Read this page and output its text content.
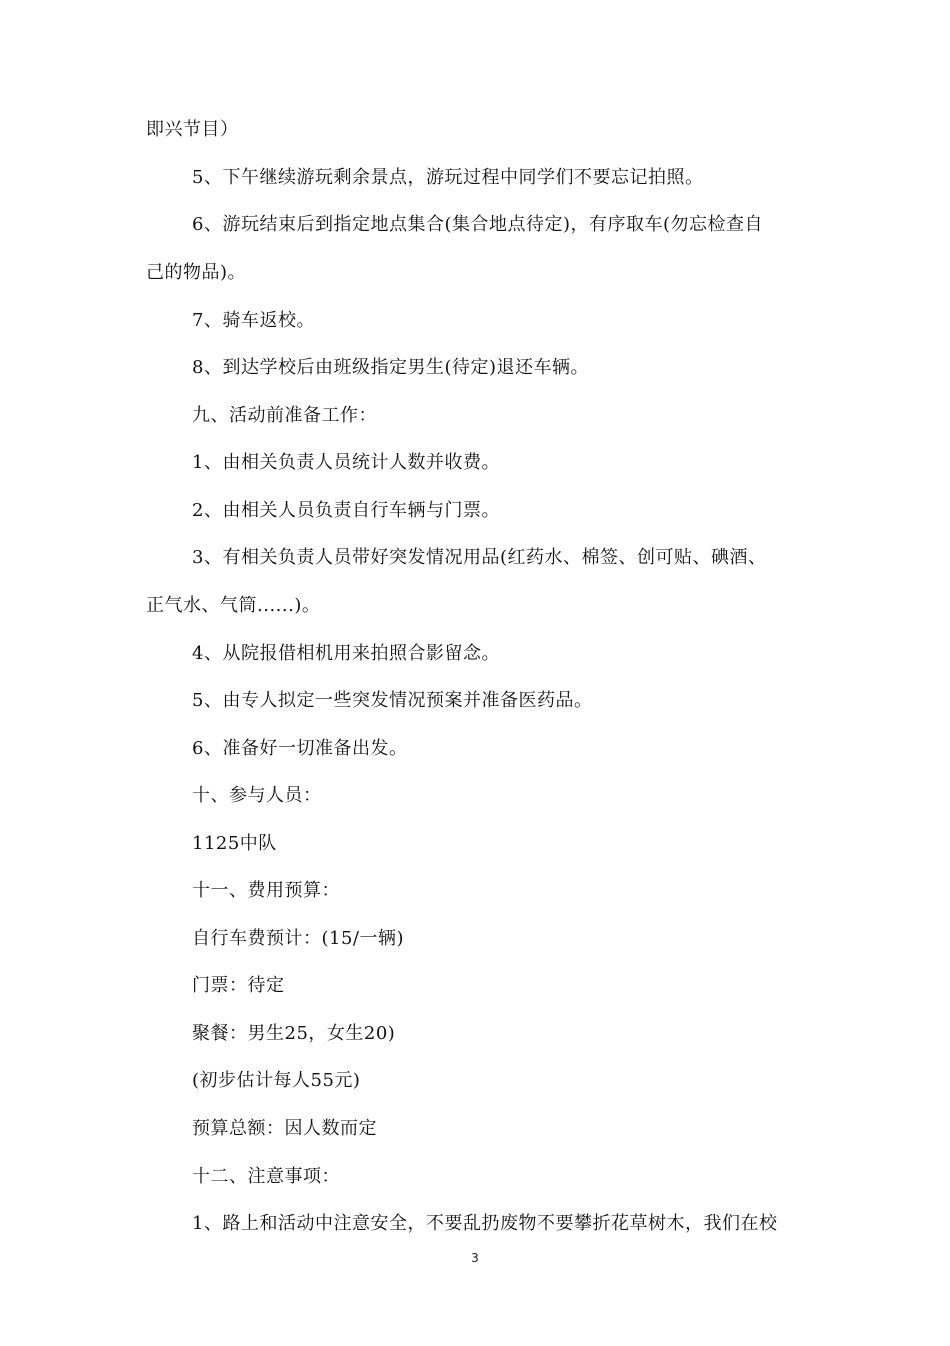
即兴节目）
5、下午继续游玩剩余景点，游玩过程中同学们不要忘记拍照。
6、游玩结束后到指定地点集合(集合地点待定)，有序取车(勿忘检查自
己的物品)。
7、骑车返校。
8、到达学校后由班级指定男生(待定)退还车辆。
九、活动前准备工作：
1、由相关负责人员统计人数并收费。
2、由相关人员负责自行车辆与门票。
3、有相关负责人员带好突发情况用品(红药水、棉签、创可贴、碘酒、
正气水、气筒......)。
4、从院报借相机用来拍照合影留念。
5、由专人拟定一些突发情况预案并准备医药品。
6、准备好一切准备出发。
十、参与人员：
1125中队
十一、费用预算：
自行车费预计：(15/一辆)
门票：待定
聚餐：男生25，女生20)
(初步估计每人55元)
预算总额：因人数而定
十二、注意事项：
1、路上和活动中注意安全，不要乱扔废物不要攀折花草树木，我们在校
3
